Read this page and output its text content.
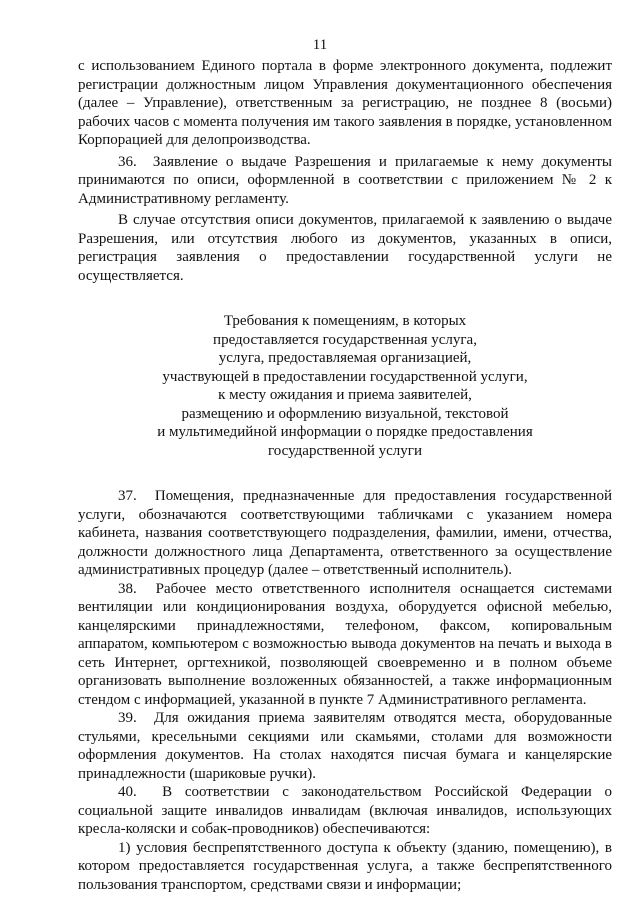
11

с использованием Единого портала в форме электронного документа, подлежит регистрации должностным лицом Управления документационного обеспечения (далее – Управление), ответственным за регистрацию, не позднее 8 (восьми) рабочих часов с момента получения им такого заявления в порядке, установленном Корпорацией для делопроизводства.

36.  Заявление о выдаче Разрешения и прилагаемые к нему документы принимаются по описи, оформленной в соответствии с приложением № 2 к Административному регламенту.

В случае отсутствия описи документов, прилагаемой к заявлению о выдаче Разрешения, или отсутствия любого из документов, указанных в описи, регистрация заявления о предоставлении государственной услуги не осуществляется.

Требования к помещениям, в которых

предоставляется государственная услуга,

услуга, предоставляемая организацией,

участвующей в предоставлении государственной услуги,

к месту ожидания и приема заявителей,

размещению и оформлению визуальной, текстовой

и мультимедийной информации о порядке предоставления

государственной услуги

37.  Помещения, предназначенные для предоставления государственной услуги, обозначаются соответствующими табличками с указанием номера кабинета, названия соответствующего подразделения, фамилии, имени, отчества, должности должностного лица Департамента, ответственного за осуществление административных процедур (далее – ответственный исполнитель).

38.  Рабочее место ответственного исполнителя оснащается системами вентиляции или кондиционирования воздуха, оборудуется офисной мебелью, канцелярскими принадлежностями, телефоном, факсом, копировальным аппаратом, компьютером с возможностью вывода документов на печать и выхода в сеть Интернет, оргтехникой, позволяющей своевременно и в полном объеме организовать выполнение возложенных обязанностей, а также информационным стендом с информацией, указанной в пункте 7 Административного регламента.

39.  Для ожидания приема заявителям отводятся места, оборудованные стульями, кресельными секциями или скамьями, столами для возможности оформления документов. На столах находятся писчая бумага и канцелярские принадлежности (шариковые ручки).

40.  В соответствии с законодательством Российской Федерации о социальной защите инвалидов инвалидам (включая инвалидов, использующих кресла-коляски и собак-проводников) обеспечиваются:

1) условия беспрепятственного доступа к объекту (зданию, помещению), в котором предоставляется государственная услуга, а также беспрепятственного пользования транспортом, средствами связи и информации;
